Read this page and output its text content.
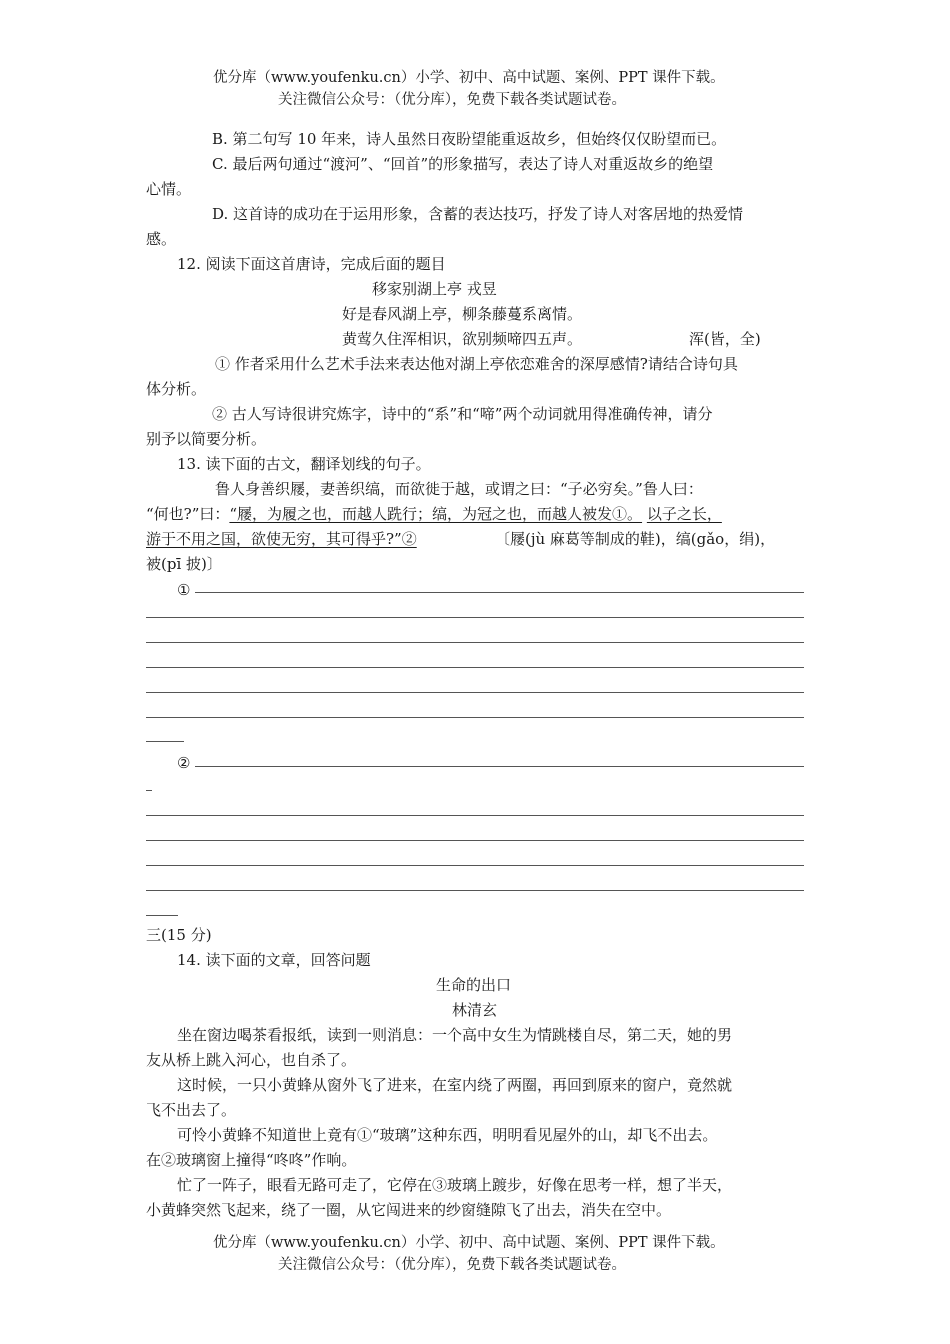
优分库（www.youfenku.cn）小学、初中、高中试题、案例、PPT 课件下载。
关注微信公众号：（优分库），免费下载各类试题试卷。
B. 第二句写 10 年来，诗人虽然日夜盼望能重返故乡，但始终仅仅盼望而已。
C. 最后两句通过“渡河”、“回首”的形象描写，表达了诗人对重返故乡的绝望
心情。
D. 这首诗的成功在于运用形象，含蓄的表达技巧，抒发了诗人对客居地的热爱情
感。
12. 阅读下面这首唐诗，完成后面的题目
移家别湖上亭 戎昱
好是春风湖上亭，柳条藤蔓系离情。
黄莺久住浑相识，欲别频啼四五声。	浑(皆，全)
① 作者采用什么艺术手法来表达他对湖上亭依恋难舍的深厚感情?请结合诗句具
体分析。
② 古人写诗很讲究炼字，诗中的“系”和“啼”两个动词就用得准确传神，请分
别予以简要分析。
13. 读下面的古文，翻译划线的句子。
鲁人身善织屦，妻善织缟，而欲徙于越，或谓之曰：“子必穷矣。”鲁人曰：
“何也?”曰：“屦，为履之也，而越人跣行；缟，为冠之也，而越人被发①。 以子之长，
游于不用之国，欲使无穷，其可得乎?”②	〔屦(jù 麻葛等制成的鞋)，缟(gǎo，绢)，
被(pī 披)〕
①
②
三(15 分)
14. 读下面的文章，回答问题
生命的出口
林清玄
坐在窗边喝茶看报纸，读到一则消息：一个高中女生为情跳楼自尽，第二天，她的男
友从桥上跳入河心，也自杀了。
这时候，一只小黄蜂从窗外飞了进来，在室内绕了两圈，再回到原来的窗户，竟然就
飞不出去了。
可怜小黄蜂不知道世上竟有①“玻璃”这种东西，明明看见屋外的山，却飞不出去。
在②玻璃窗上撞得“咚咚”作响。
忙了一阵子，眼看无路可走了，它停在③玻璃上踱步，好像在思考一样，想了半天，
小黄蜂突然飞起来，绕了一圈，从它闯进来的纱窗缝隙飞了出去，消失在空中。
优分库（www.youfenku.cn）小学、初中、高中试题、案例、PPT 课件下载。
关注微信公众号：（优分库），免费下载各类试题试卷。
